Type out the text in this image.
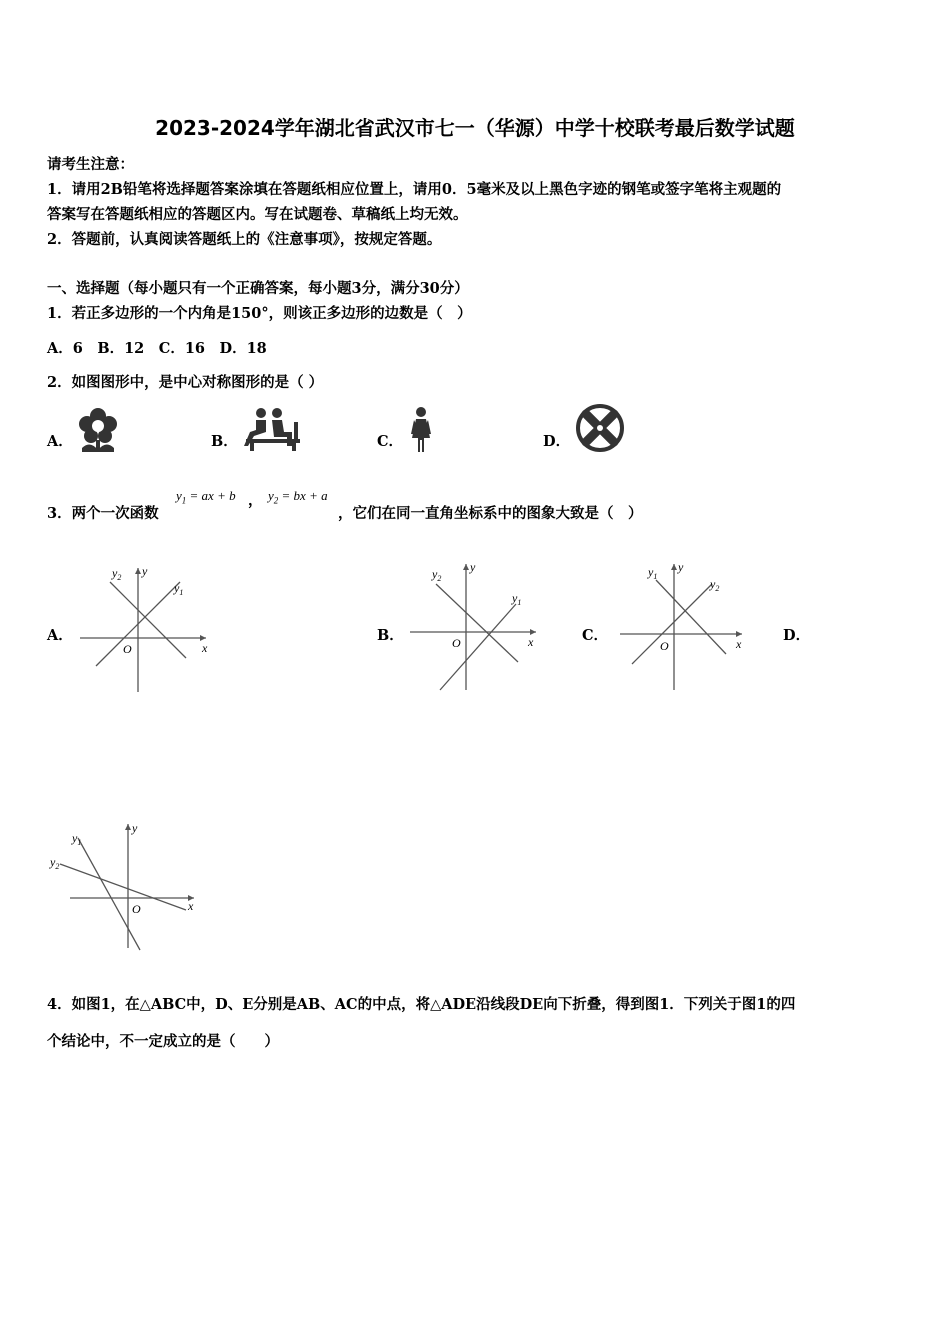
2023-2024学年湖北省武汉市七一（华源）中学十校联考最后数学试题
请考生注意：
1．请用2B铅笔将选择题答案涂填在答题纸相应位置上，请用0．5毫米及以上黑色字迹的钢笔或签字笔将主观题的
答案写在答题纸相应的答题区内。写在试题卷、草稿纸上均无效。
2．答题前，认真阅读答题纸上的《注意事项》，按规定答题。
一、选择题（每小题只有一个正确答案，每小题3分，满分30分）
1．若正多边形的一个内角是150°，则该正多边形的边数是（　）
A．6　B．12　C．16　D．18
2．如图图形中，是中心对称图形的是（ ）
A．	B．	C．	D．
3．两个一次函数
$y_1$ = ax + b ， $y_2$ = bx + a
，它们在同一直角坐标系中的图象大致是（　）
A．	B．	C．	D．
x
y
O
$y_1$
$y_2$
x
y
O
$y_1$
$y_2$
x
y
O
$y_1$
$y_2$
x
y
O
$y_1$
$y_2$
4．如图1，在△ABC中，D、E分别是AB、AC的中点，将△ADE沿线段DE向下折叠，得到图1．下列关于图1的四
个结论中，不一定成立的是（　　）
